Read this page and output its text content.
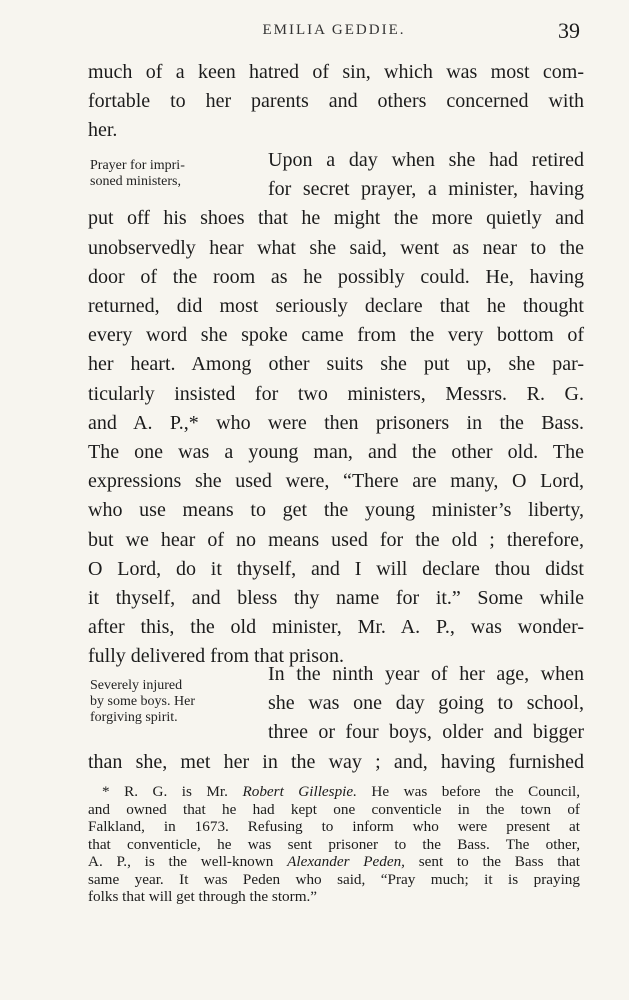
EMILIA GEDDIE.	39
much of a keen hatred of sin, which was most com-
fortable to her parents and others concerned with
her.
Prayer for impri-
soned ministers,
Upon a day when she had retired
for secret prayer, a minister, having
put off his shoes that he might the more quietly and
unobservedly hear what she said, went as near to the
door of the room as he possibly could. He, having
returned, did most seriously declare that he thought
every word she spoke came from the very bottom of
her heart. Among other suits she put up, she par-
ticularly insisted for two ministers, Messrs. R. G.
and A. P.,* who were then prisoners in the Bass.
The one was a young man, and the other old. The
expressions she used were, “There are many, O Lord,
who use means to get the young minister’s liberty,
but we hear of no means used for the old ; therefore,
O Lord, do it thyself, and I will declare thou didst
it thyself, and bless thy name for it.” Some while
after this, the old minister, Mr. A. P., was wonder-
fully delivered from that prison.
Severely injured
by some boys. Her
forgiving spirit.
In the ninth year of her age, when
she was one day going to school,
three or four boys, older and bigger
than she, met her in the way ; and, having furnished
* R. G. is Mr. Robert Gillespie. He was before the Council,
and owned that he had kept one conventicle in the town of
Falkland, in 1673. Refusing to inform who were present at
that conventicle, he was sent prisoner to the Bass. The other,
A. P., is the well-known Alexander Peden, sent to the Bass that
same year. It was Peden who said, “Pray much; it is praying
folks that will get through the storm.”
